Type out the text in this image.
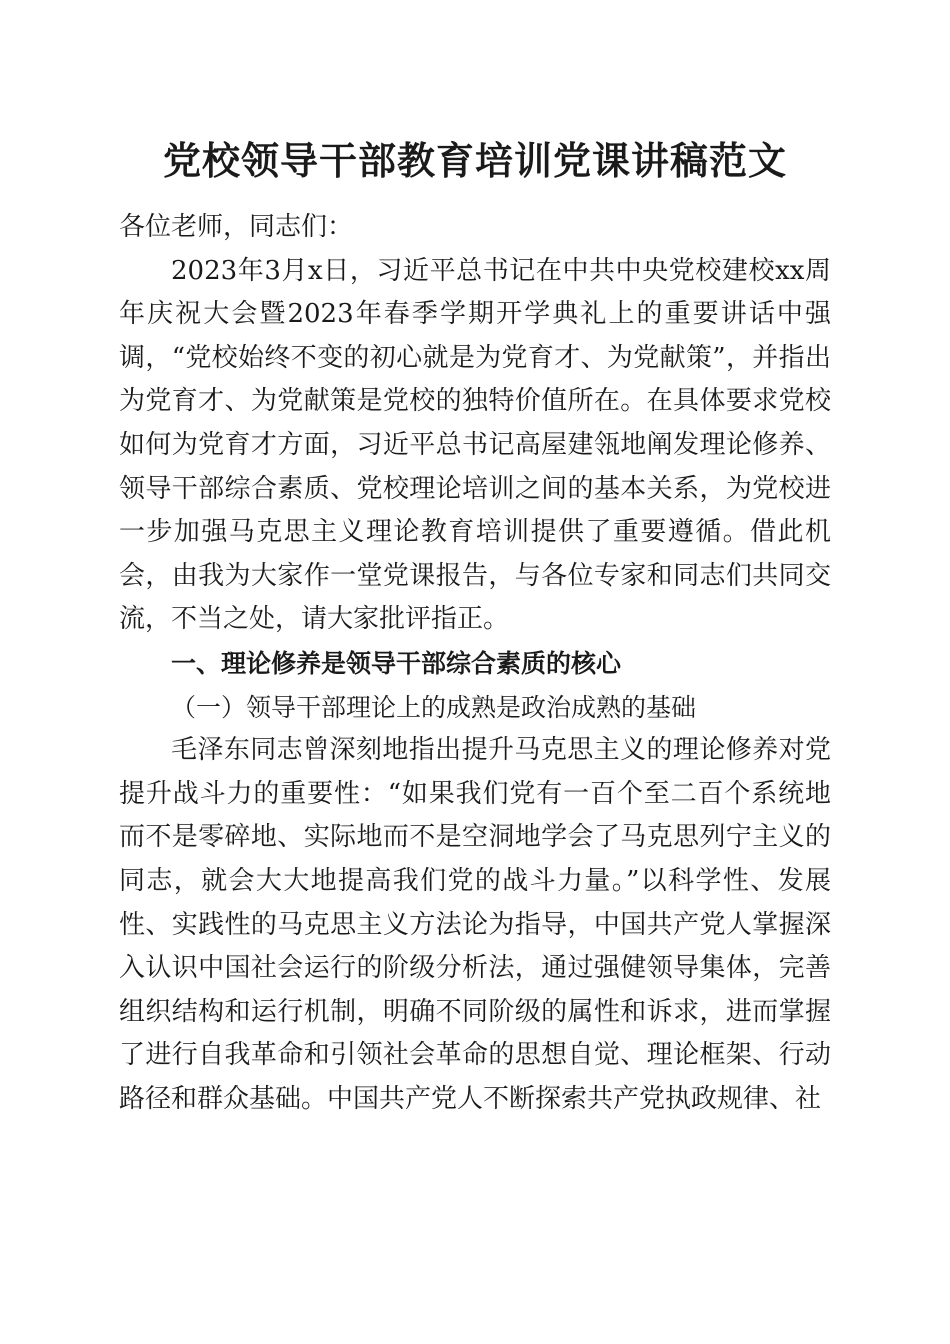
党校领导干部教育培训党课讲稿范文

各位老师，同志们：

2023年3月x日，习近平总书记在中共中央党校建校xx周年庆祝大会暨2023年春季学期开学典礼上的重要讲话中强调，“党校始终不变的初心就是为党育才、为党献策”，并指出为党育才、为党献策是党校的独特价值所在。在具体要求党校如何为党育才方面，习近平总书记高屋建瓴地阐发理论修养、领导干部综合素质、党校理论培训之间的基本关系，为党校进一步加强马克思主义理论教育培训提供了重要遵循。借此机会，由我为大家作一堂党课报告，与各位专家和同志们共同交流，不当之处，请大家批评指正。

一、理论修养是领导干部综合素质的核心

（一）领导干部理论上的成熟是政治成熟的基础

毛泽东同志曾深刻地指出提升马克思主义的理论修养对党提升战斗力的重要性：“如果我们党有一百个至二百个系统地而不是零碎地、实际地而不是空洞地学会了马克思列宁主义的同志，就会大大地提高我们党的战斗力量。”以科学性、发展性、实践性的马克思主义方法论为指导，中国共产党人掌握深入认识中国社会运行的阶级分析法，通过强健领导集体，完善组织结构和运行机制，明确不同阶级的属性和诉求，进而掌握了进行自我革命和引领社会革命的思想自觉、理论框架、行动路径和群众基础。中国共产党人不断探索共产党执政规律、社
